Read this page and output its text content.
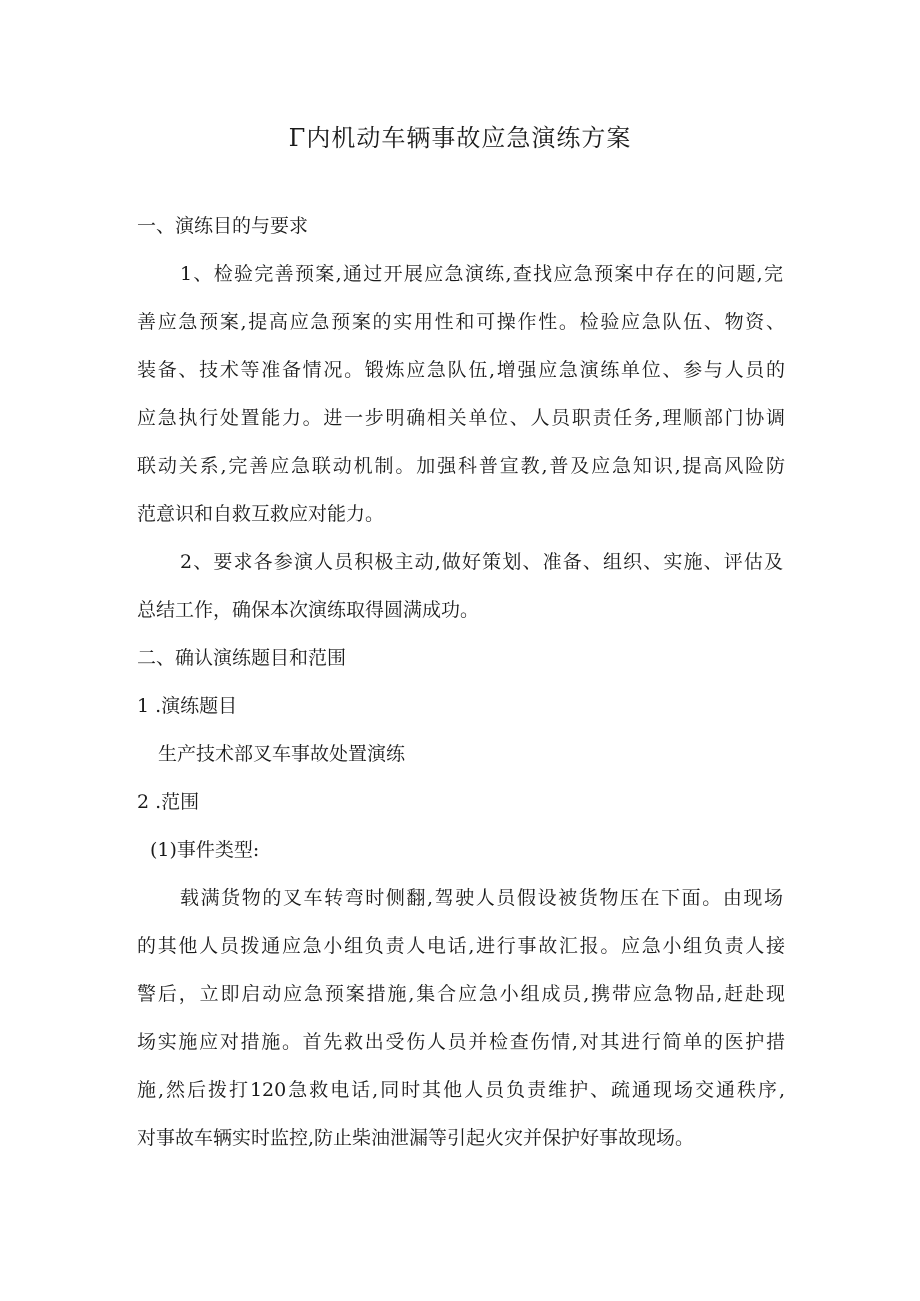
Γ内机动车辆事故应急演练方案
一、演练目的与要求
1、检验完善预案,通过开展应急演练,查找应急预案中存在的问题,完
善应急预案,提高应急预案的实用性和可操作性。检验应急队伍、物资、
装备、技术等准备情况。锻炼应急队伍,增强应急演练单位、参与人员的
应急执行处置能力。进一步明确相关单位、人员职责任务,理顺部门协调
联动关系,完善应急联动机制。加强科普宣教,普及应急知识,提高风险防
范意识和自救互救应对能力。
2、要求各参演人员积极主动,做好策划、准备、组织、实施、评估及
总结工作，确保本次演练取得圆满成功。
二、确认演练题目和范围
1 .演练题目
生产技术部叉车事故处置演练
2 .范围
(1)事件类型:
载满货物的叉车转弯时侧翻,驾驶人员假设被货物压在下面。由现场
的其他人员拨通应急小组负责人电话,进行事故汇报。应急小组负责人接
警后，立即启动应急预案措施,集合应急小组成员,携带应急物品,赶赴现
场实施应对措施。首先救出受伤人员并检查伤情,对其进行简单的医护措
施,然后拨打120急救电话,同时其他人员负责维护、疏通现场交通秩序,
对事故车辆实时监控,防止柴油泄漏等引起火灾并保护好事故现场。
